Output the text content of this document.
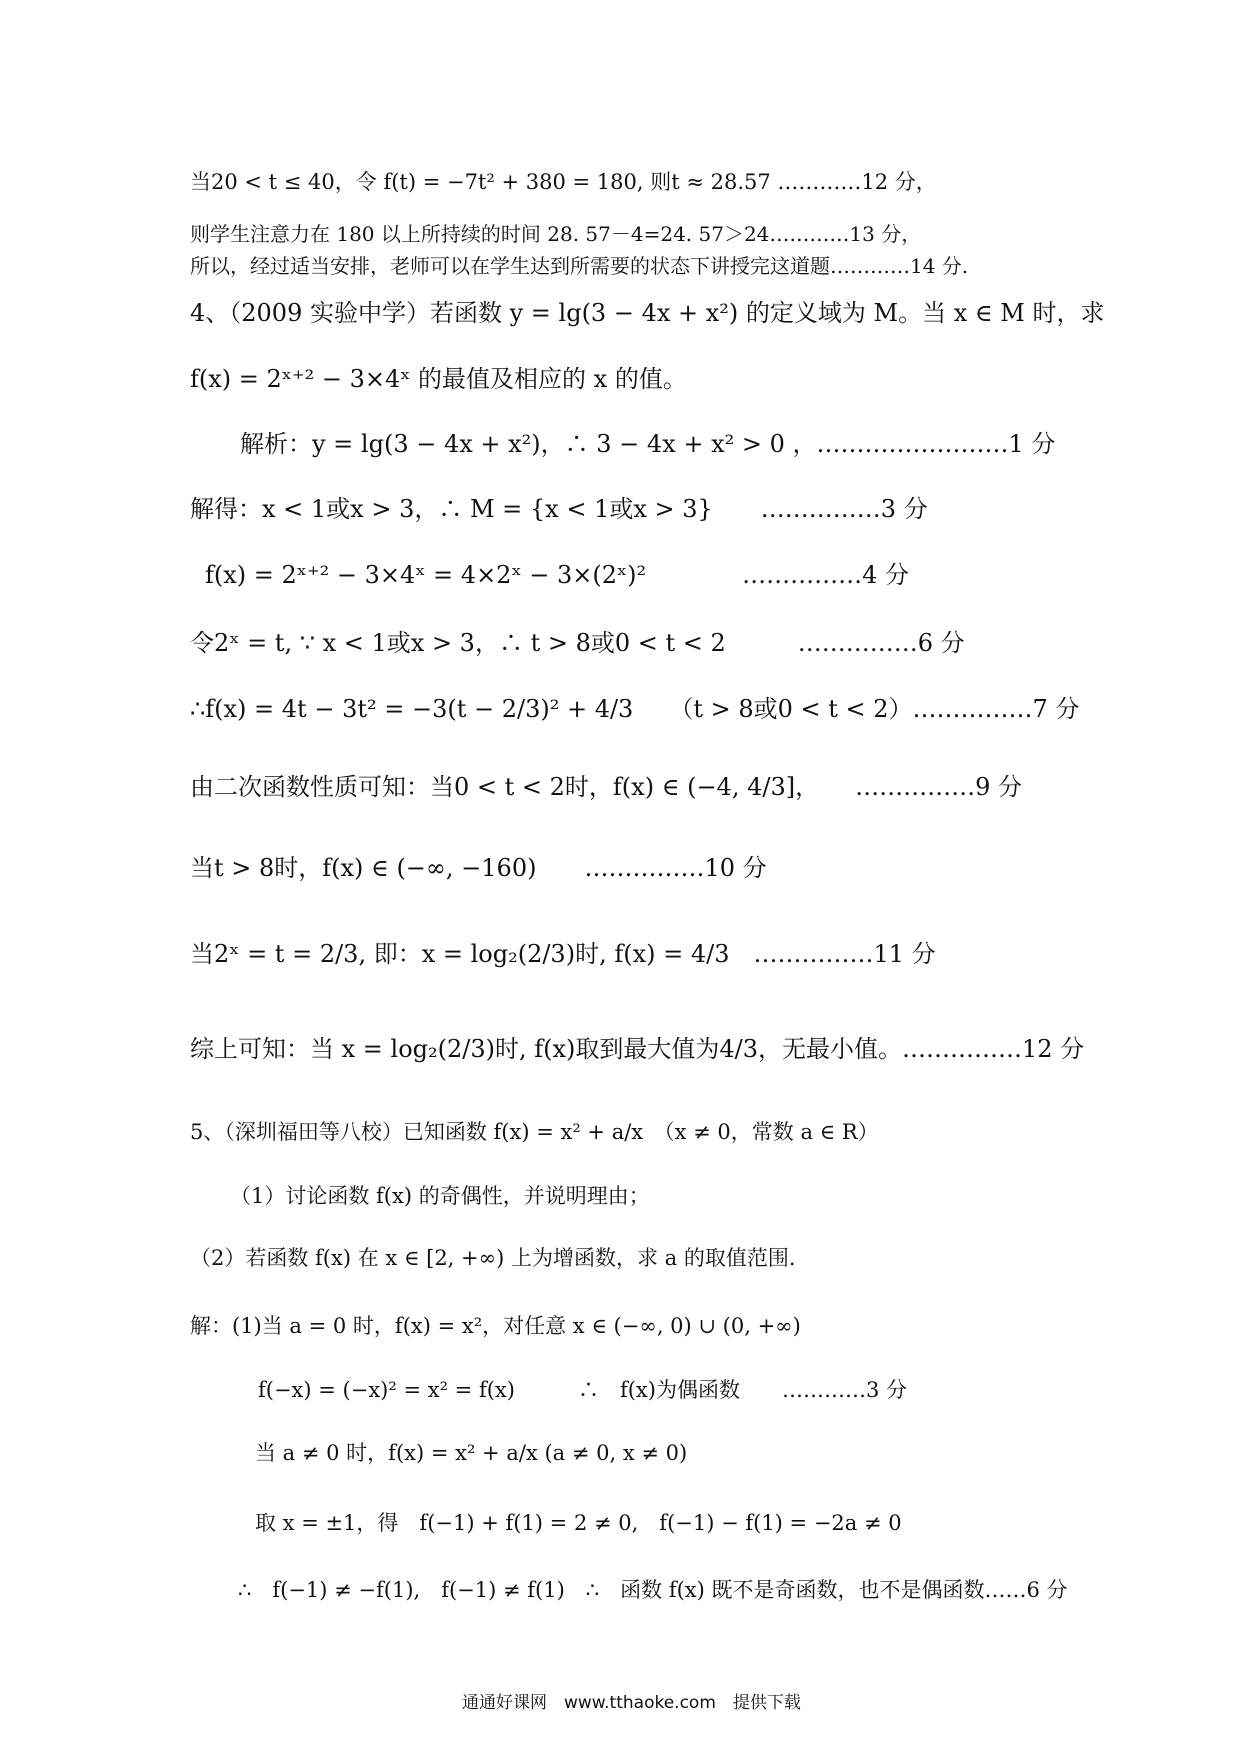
当20 < t ≤ 40，令 f(t) = −7t² + 380 = 180, 则t ≈ 28.57 …………12 分，
则学生注意力在 180 以上所持续的时间 28. 57－4=24. 57＞24…………13 分，
所以，经过适当安排，老师可以在学生达到所需要的状态下讲授完这道题…………14 分.
4、（2009 实验中学）若函数 y = lg(3 − 4x + x²) 的定义域为 M。当 x ∈ M 时，求
f(x) = 2ˣ⁺² − 3×4ˣ 的最值及相应的 x 的值。
解析：y = lg(3 − 4x + x²)，∴ 3 − 4x + x² > 0 ，……………………1 分
解得：x < 1或x > 3，∴ M = {x < 1或x > 3}　　……………3 分
f(x) = 2ˣ⁺² − 3×4ˣ = 4×2ˣ − 3×(2ˣ)²　　　　……………4 分
令2ˣ = t, ∵ x < 1或x > 3，∴ t > 8或0 < t < 2　　　……………6 分
∴f(x) = 4t − 3t² = −3(t − 2/3)² + 4/3　　（t > 8或0 < t < 2）……………7 分
由二次函数性质可知：当0 < t < 2时，f(x) ∈ (−4, 4/3]，　　……………9 分
当t > 8时，f(x) ∈ (−∞, −160)　　……………10 分
当2ˣ = t = 2/3, 即：x = log₂(2/3)时, f(x) = 4/3　……………11 分
综上可知：当 x = log₂(2/3)时, f(x)取到最大值为4/3，无最小值。……………12 分
5、（深圳福田等八校）已知函数 f(x) = x² + a/x　（x ≠ 0，常数 a ∈ R）
（1）讨论函数 f(x) 的奇偶性，并说明理由；
（2）若函数 f(x) 在 x ∈ [2, +∞) 上为增函数，求 a 的取值范围.
解：(1)当 a = 0 时，f(x) = x²，对任意 x ∈ (−∞, 0) ∪ (0, +∞)
f(−x) = (−x)² = x² = f(x)　　　∴　f(x)为偶函数　　…………3 分
当 a ≠ 0 时，f(x) = x² + a/x (a ≠ 0, x ≠ 0)
取 x = ±1，得　f(−1) + f(1) = 2 ≠ 0,　f(−1) − f(1) = −2a ≠ 0
∴　f(−1) ≠ −f(1),　f(−1) ≠ f(1)　∴　函数 f(x) 既不是奇函数，也不是偶函数……6 分
通通好课网　www.tthaoke.com　提供下载
